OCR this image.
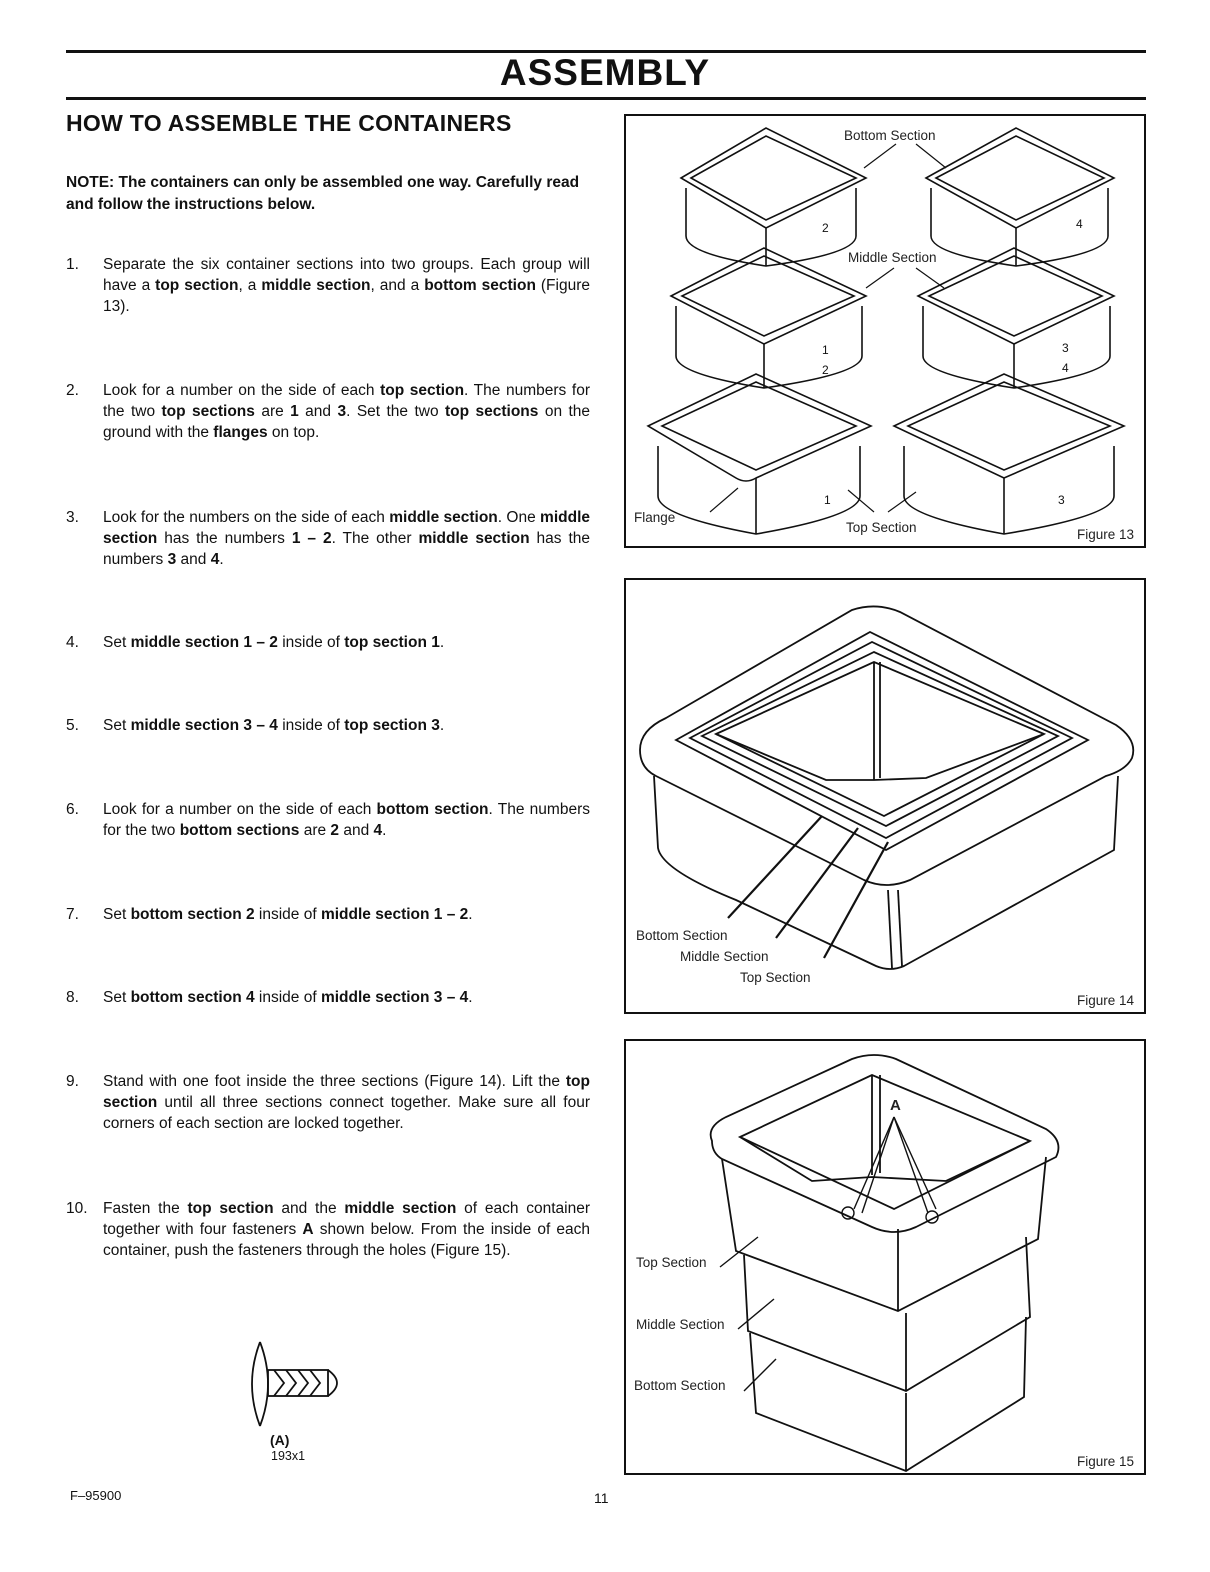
ASSEMBLY
HOW TO ASSEMBLE THE CONTAINERS
NOTE: The containers can only be assembled one way. Carefully read and follow the instructions below.
1.	Separate the six container sections into two groups. Each group will have a top section, a middle section, and a bottom section (Figure 13).
2.	Look for a number on the side of each top section. The numbers for the two top sections are 1 and 3. Set the two top sections on the ground with the flanges on top.
3.	Look for the numbers on the side of each middle section. One middle section has the numbers 1 – 2. The other middle section has the numbers 3 and 4.
4.	Set middle section 1 – 2 inside of top section 1.
5.	Set middle section 3 – 4 inside of top section 3.
6.	Look for a number on the side of each bottom section. The numbers for the two bottom sections are 2 and 4.
7.	Set bottom section 2 inside of middle section 1 – 2.
8.	Set bottom section 4 inside of middle section 3 – 4.
9.	Stand with one foot inside the three sections (Figure 14). Lift the top section until all three sections connect together. Make sure all four corners of each section are locked together.
10. Fasten the top section and the middle section of each container together with four fasteners A shown below. From the inside of each container, push the fasteners through the holes (Figure 15).
2	4
1
2
3
4
1	3
Bottom Section
Middle Section
Flange
Top Section	Figure 13
Bottom Section
Middle Section
Top Section
Figure 14
A
Top Section
Middle Section
Bottom Section
Figure 15
(A)
193x1
F–95900	11
